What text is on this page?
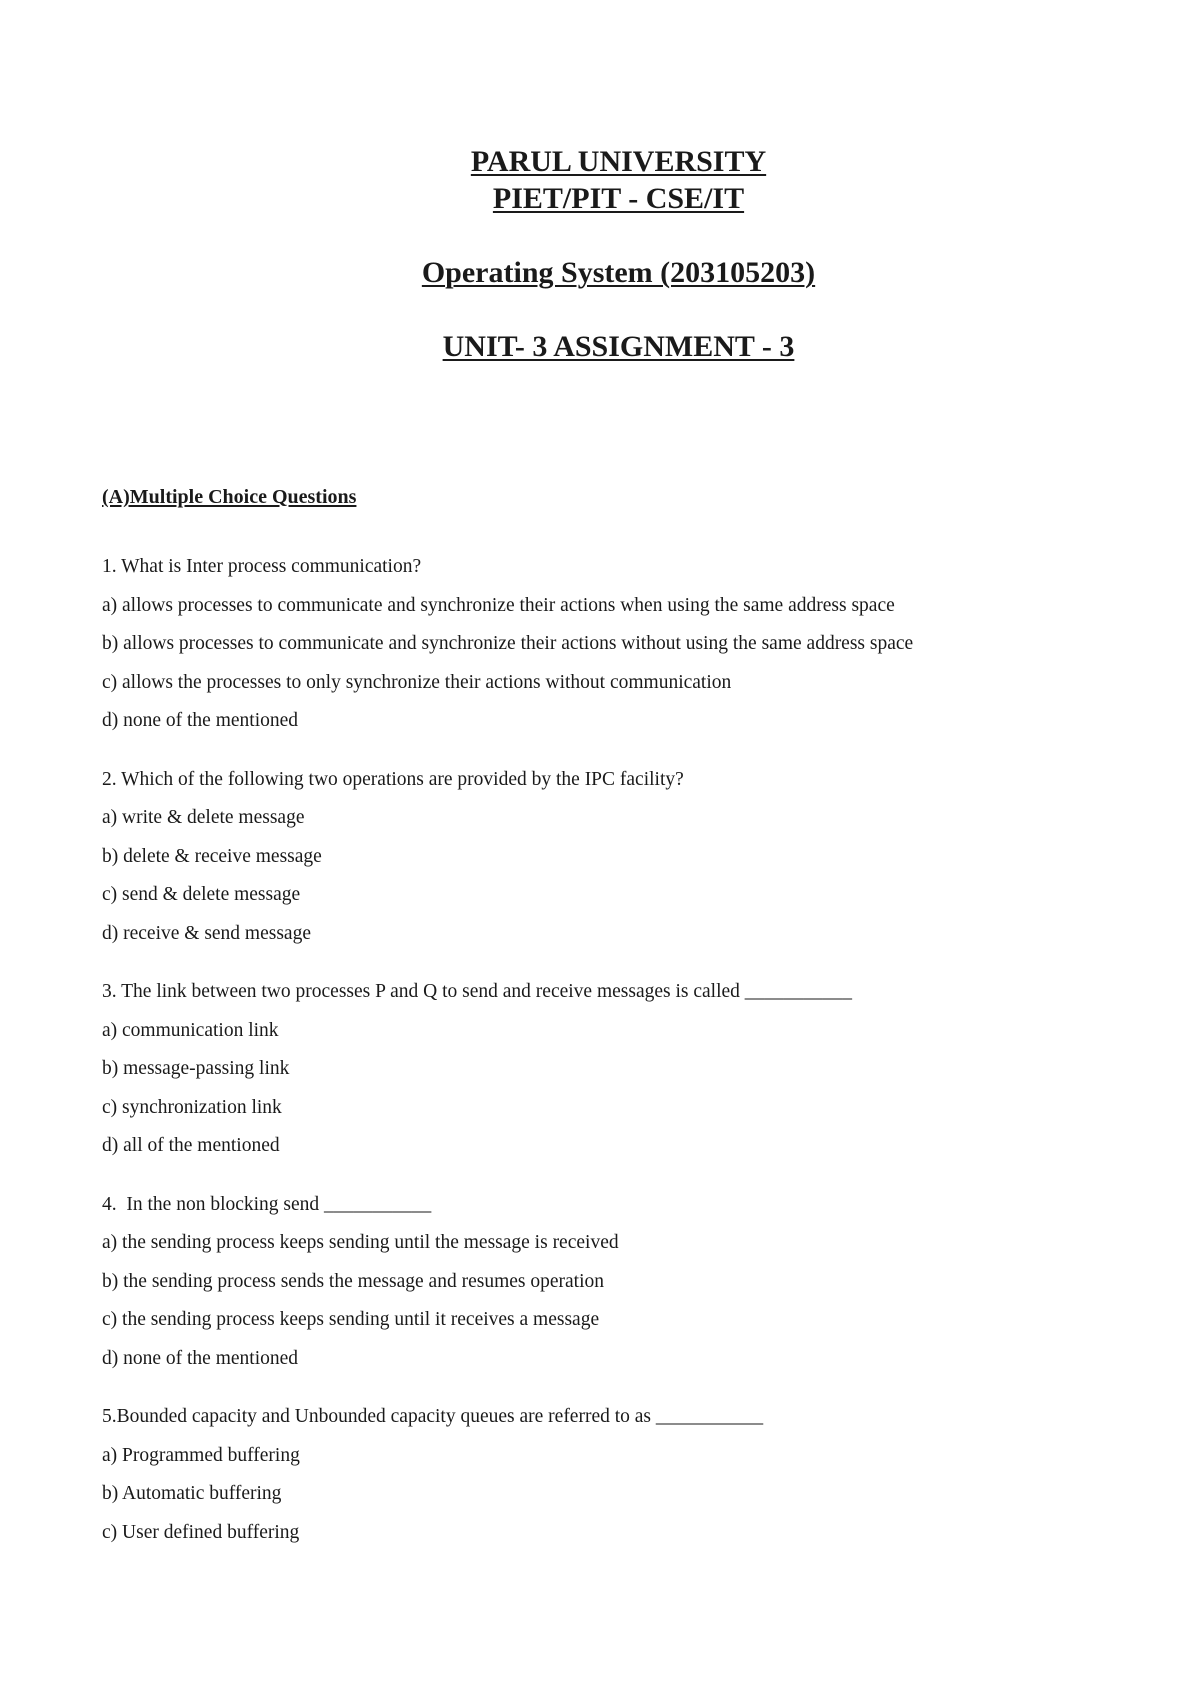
PARUL UNIVERSITY
PIET/PIT - CSE/IT
Operating System (203105203)
UNIT- 3 ASSIGNMENT - 3
(A)Multiple Choice Questions
1. What is Inter process communication?
a) allows processes to communicate and synchronize their actions when using the same address space
b) allows processes to communicate and synchronize their actions without using the same address space
c) allows the processes to only synchronize their actions without communication
d) none of the mentioned
2. Which of the following two operations are provided by the IPC facility?
a) write & delete message
b) delete & receive message
c) send & delete message
d) receive & send message
3. The link between two processes P and Q to send and receive messages is called ___________
a) communication link
b) message-passing link
c) synchronization link
d) all of the mentioned
4.  In the non blocking send ___________
a) the sending process keeps sending until the message is received
b) the sending process sends the message and resumes operation
c) the sending process keeps sending until it receives a message
d) none of the mentioned
5.Bounded capacity and Unbounded capacity queues are referred to as ___________
a) Programmed buffering
b) Automatic buffering
c) User defined buffering
